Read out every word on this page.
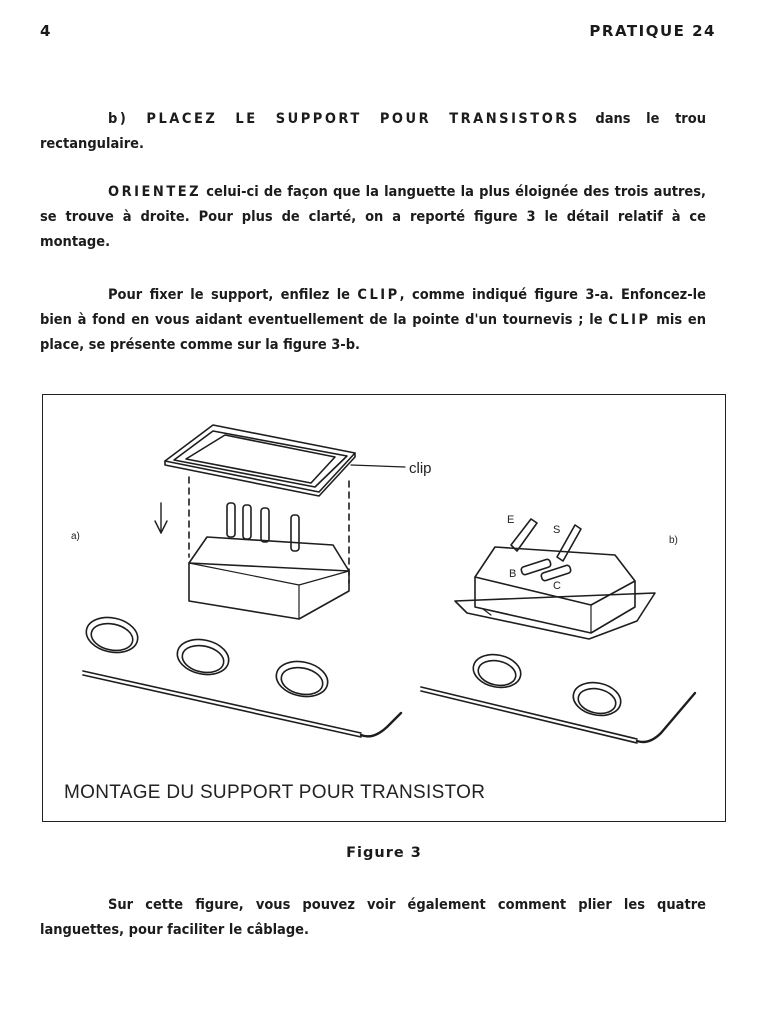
4	PRATIQUE 24
b) PLACEZ LE SUPPORT POUR TRANSISTORS dans le trou rectangulaire.
ORIENTEZ celui-ci de façon que la languette la plus éloignée des trois autres, se trouve à droite. Pour plus de clarté, on a reporté figure 3 le détail relatif à ce montage.
Pour fixer le support, enfilez le CLIP, comme indiqué figure 3-a. Enfoncez-le bien à fond en vous aidant eventuellement de la pointe d'un tournevis ; le CLIP mis en place, se présente comme sur la figure 3-b.
clip
a)	b)
E
S
B
C
MONTAGE DU SUPPORT POUR TRANSISTOR
Figure 3
Sur cette figure, vous pouvez voir également comment plier les quatre languettes, pour faciliter le câblage.
